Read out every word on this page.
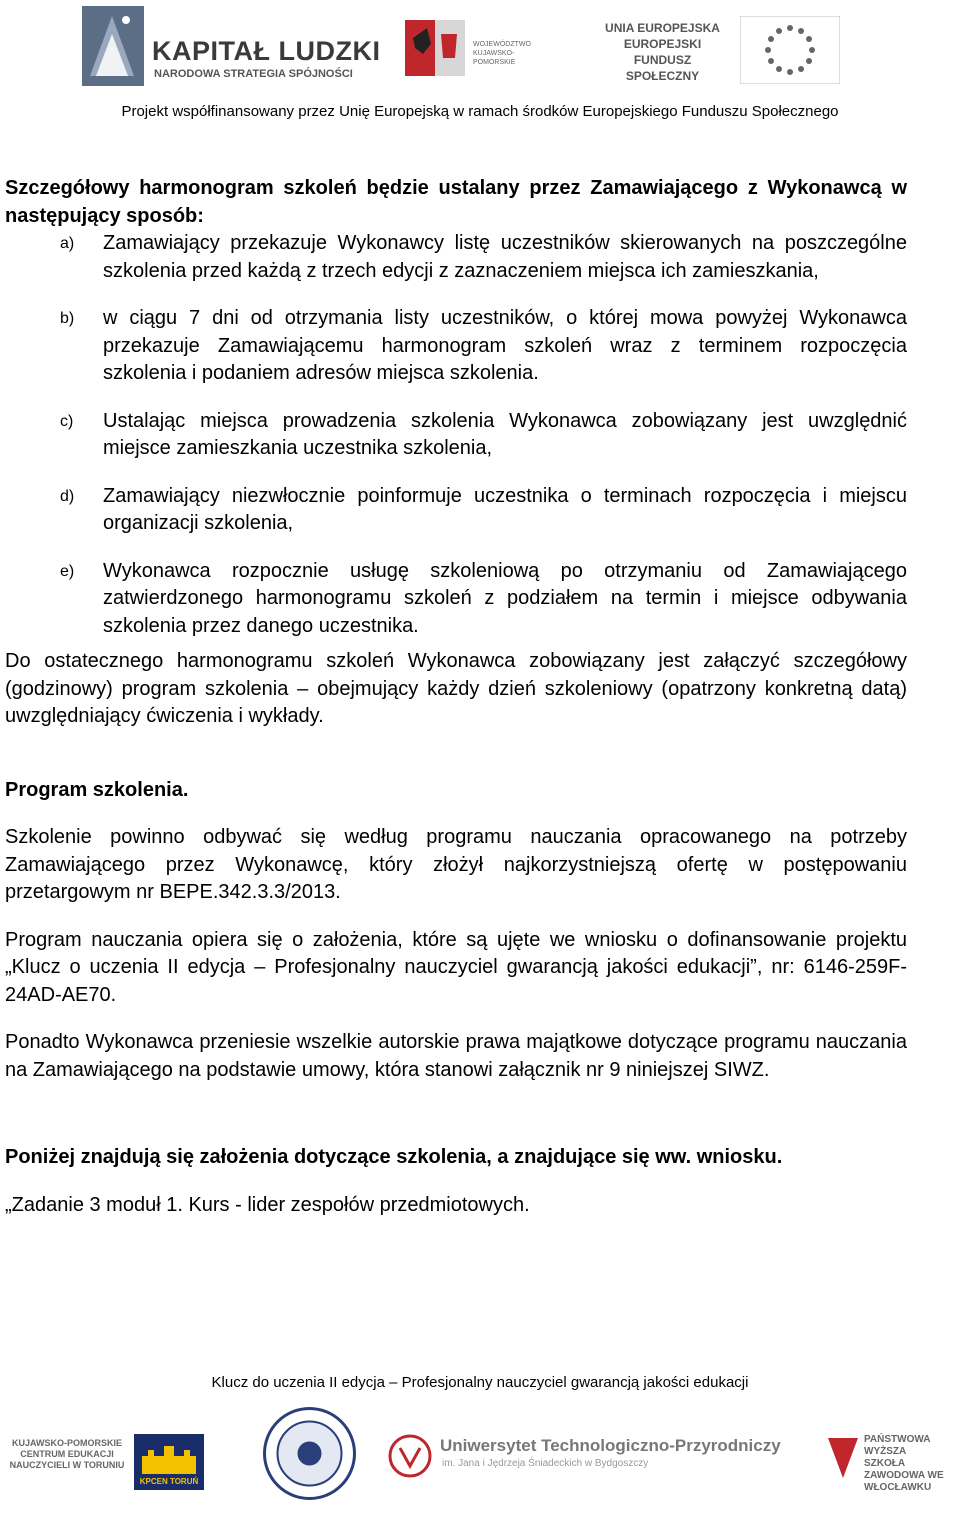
KAPITAŁ LUDZKI
NARODOWA STRATEGIA SPÓJNOŚCI
WOJEWÓDZTWO KUJAWSKO-POMORSKIE
UNIA EUROPEJSKA
EUROPEJSKI
FUNDUSZ SPOŁECZNY
Projekt współfinansowany przez Unię Europejską w ramach środków Europejskiego Funduszu Społecznego

Szczegółowy harmonogram szkoleń będzie ustalany przez Zamawiającego z Wykonawcą w następujący sposób:

a) Zamawiający przekazuje Wykonawcy listę uczestników skierowanych na poszczególne szkolenia przed każdą z trzech edycji z zaznaczeniem miejsca ich zamieszkania,
b) w ciągu 7 dni od otrzymania listy uczestników, o której mowa powyżej Wykonawca przekazuje Zamawiającemu harmonogram szkoleń wraz z terminem rozpoczęcia szkolenia i podaniem adresów miejsca szkolenia.
c) Ustalając miejsca prowadzenia szkolenia Wykonawca zobowiązany jest uwzględnić miejsce zamieszkania uczestnika szkolenia,
d) Zamawiający niezwłocznie poinformuje uczestnika o terminach rozpoczęcia i miejscu organizacji szkolenia,
e) Wykonawca rozpocznie usługę szkoleniową po otrzymaniu od Zamawiającego zatwierdzonego harmonogramu szkoleń z podziałem na termin i miejsce odbywania szkolenia przez danego uczestnika.

Do ostatecznego harmonogramu szkoleń Wykonawca zobowiązany jest załączyć szczegółowy (godzinowy) program szkolenia – obejmujący każdy dzień szkoleniowy (opatrzony konkretną datą) uwzględniający ćwiczenia i wykłady.

Program szkolenia.

Szkolenie powinno odbywać się według programu nauczania opracowanego na potrzeby Zamawiającego przez Wykonawcę, który złożył najkorzystniejszą ofertę w postępowaniu przetargowym nr BEPE.342.3.3/2013.

Program nauczania opiera się o założenia, które są ujęte we wniosku o dofinansowanie projektu „Klucz o uczenia II edycja – Profesjonalny nauczyciel gwarancją jakości edukacji”, nr: 6146-259F-24AD-AE70.

Ponadto Wykonawca przeniesie wszelkie autorskie prawa majątkowe dotyczące programu nauczania na Zamawiającego na podstawie umowy, która stanowi załącznik nr 9 niniejszej SIWZ.

Poniżej znajdują się założenia dotyczące szkolenia, a znajdujące się ww. wniosku.

„Zadanie 3 moduł 1. Kurs - lider zespołów przedmiotowych.

Klucz do uczenia II edycja – Profesjonalny nauczyciel gwarancją jakości edukacji
KUJAWSKO-POMORSKIE CENTRUM EDUKACJI NAUCZYCIELI W TORUNIU
KPCEN TORUŃ
Uniwersytet Technologiczno-Przyrodniczy
im. Jana i Jędrzeja Śniadeckich w Bydgoszczy
PAŃSTWOWA WYŻSZA SZKOŁA ZAWODOWA WE WŁOCŁAWKU
